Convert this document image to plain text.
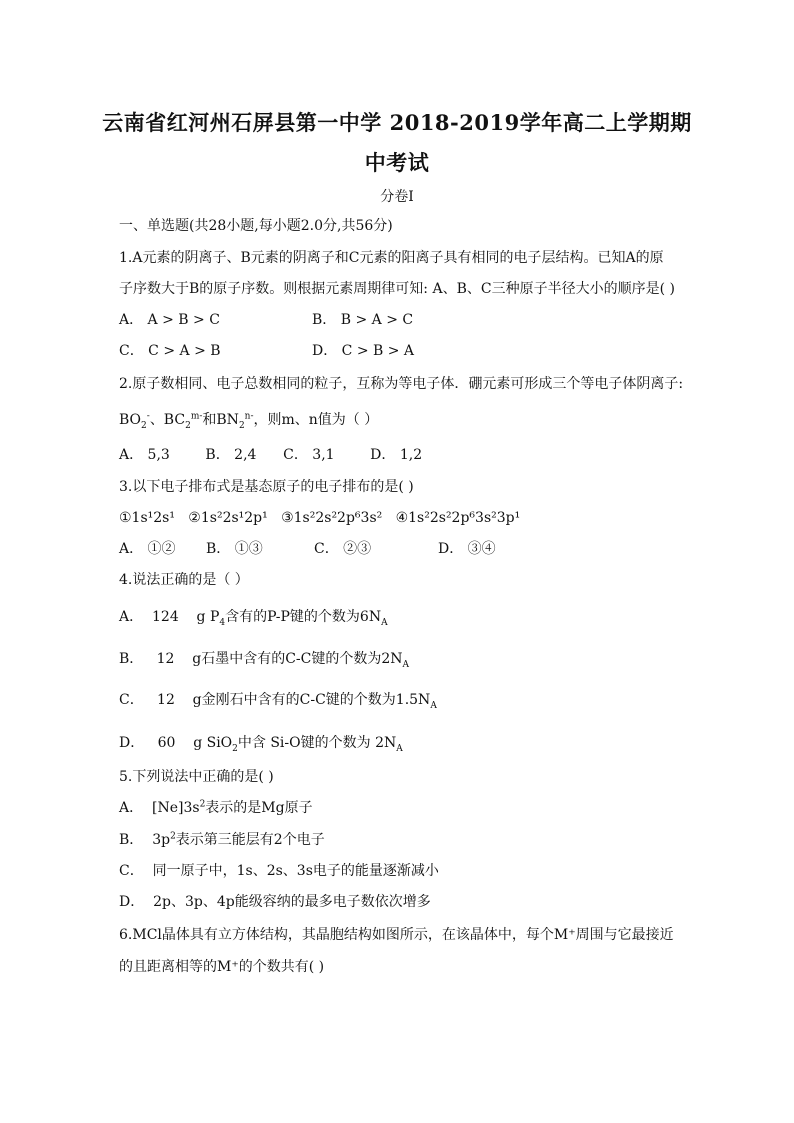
云南省红河州石屏县第一中学 2018-2019学年高二上学期期
中考试
分卷I
一、单选题(共28小题,每小题2.0分,共56分)
1.A元素的阴离子、B元素的阴离子和C元素的阳离子具有相同的电子层结构。已知A的原
子序数大于B的原子序数。则根据元素周期律可知: A、B、C三种原子半径大小的顺序是( )
A． A > B > C	B． B > A > C
C． C > A > B	D． C > B > A
2.原子数相同、电子总数相同的粒子，互称为等电子体．硼元素可形成三个等电子体阴离子:
$BO_2^-$、$BC_2^{m-}$和$BN_2^{n-}$，则m、n值为（ ）
A． 5,3        B． 2,4      C． 3,1        D． 1,2
3.以下电子排布式是基态原子的电子排布的是( )
①1s¹2s¹   ②1s²2s¹2p¹   ③1s²2s²2p⁶3s²   ④1s²2s²2p⁶3s²3p¹
A． ①② B． ①③	C． ②③	D． ③④
4.说法正确的是（ ）
A．  124    g $P_4$含有的P-P键的个数为$6N_A$
B．   12    g石墨中含有的C-C键的个数为$2N_A$
C．   12    g金刚石中含有的C-C键的个数为$1.5N_A$
D．   60    g SiO$_2$中含 Si-O键的个数为 $2N_A$
5.下列说法中正确的是( )
A．  $[Ne]3s^2$表示的是Mg原子
B．  $3p^2$表示第三能层有2个电子
C．  同一原子中，1s、2s、3s电子的能量逐渐减小
D．  2p、3p、4p能级容纳的最多电子数依次增多
6.MCl晶体具有立方体结构，其晶胞结构如图所示，在该晶体中，每个M⁺周围与它最接近
的且距离相等的M⁺的个数共有( )
